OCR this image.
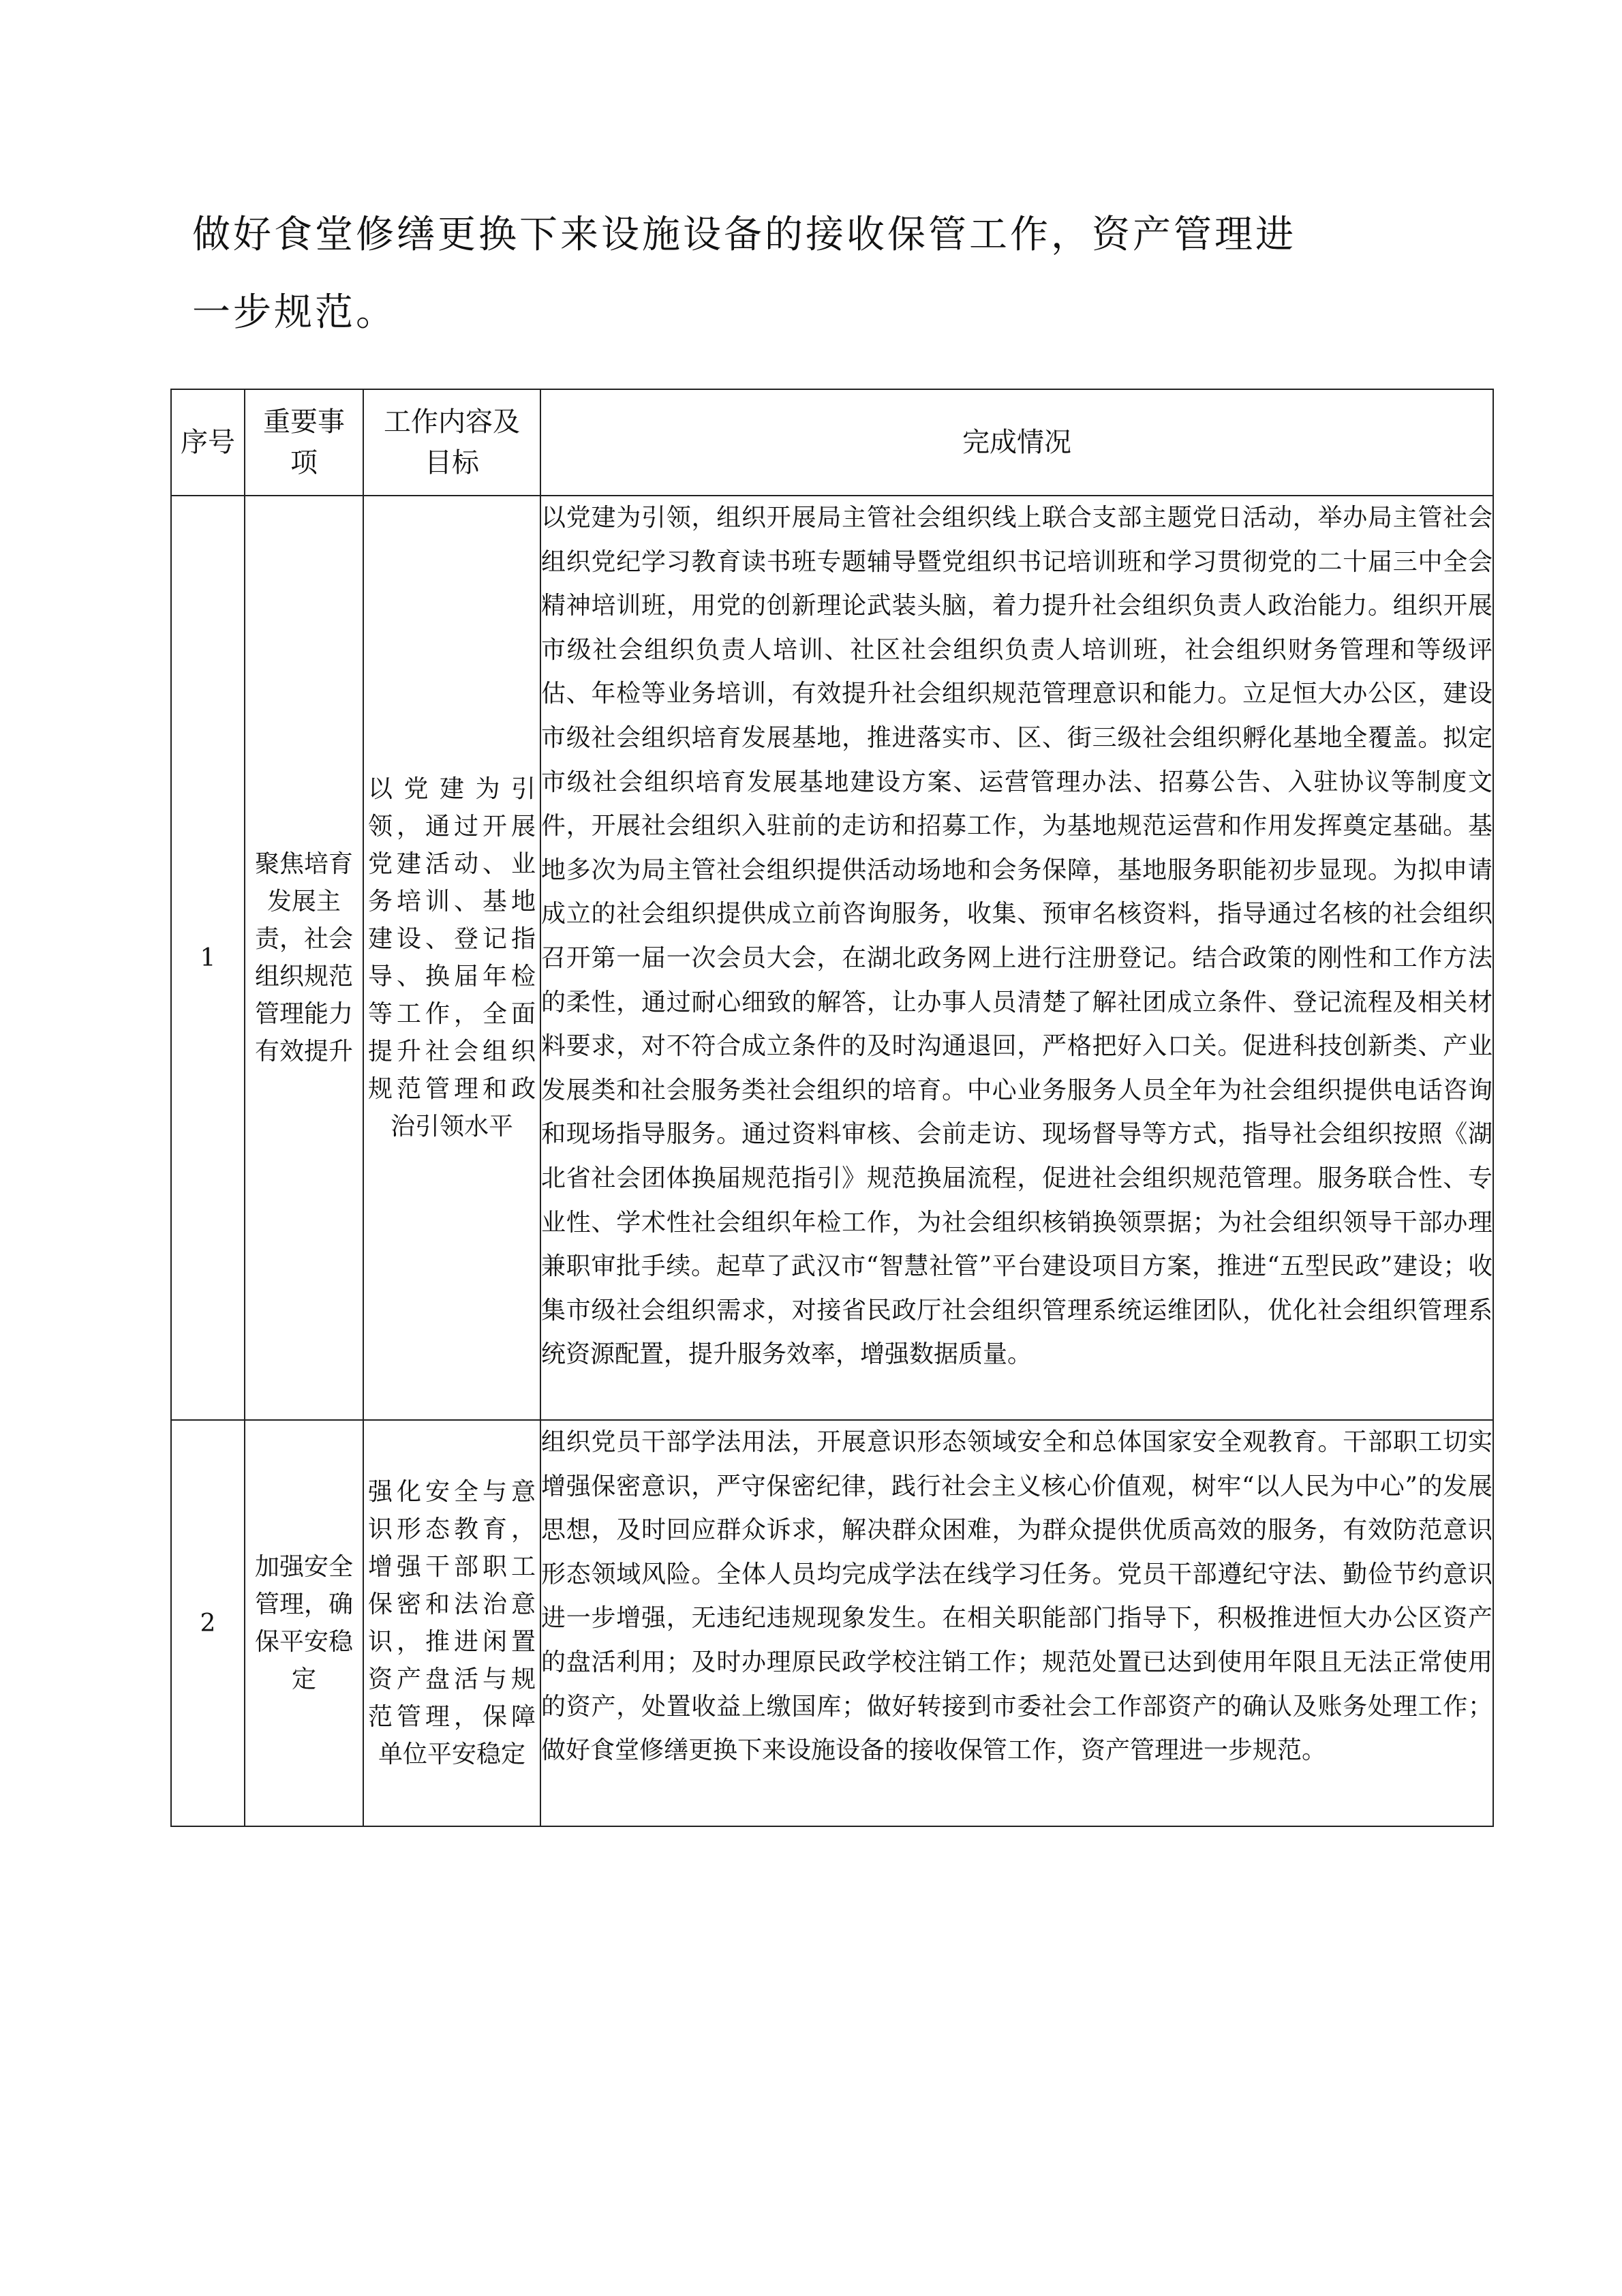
做好食堂修缮更换下来设施设备的接收保管工作，资产管理进

一步规范。

序号	重要事项	工作内容及目标	完成情况
1	聚焦培育发展主责，社会组织规范管理能力有效提升	以党建为引领，通过开展党建活动、业务培训、基地建设、登记指导、换届年检等工作，全面提升社会组织规范管理和政治引领水平	以党建为引领，组织开展局主管社会组织线上联合支部主题党日活动，举办局主管社会组织党纪学习教育读书班专题辅导暨党组织书记培训班和学习贯彻党的二十届三中全会精神培训班，用党的创新理论武装头脑，着力提升社会组织负责人政治能力。组织开展市级社会组织负责人培训、社区社会组织负责人培训班，社会组织财务管理和等级评估、年检等业务培训，有效提升社会组织规范管理意识和能力。立足恒大办公区，建设市级社会组织培育发展基地，推进落实市、区、街三级社会组织孵化基地全覆盖。拟定市级社会组织培育发展基地建设方案、运营管理办法、招募公告、入驻协议等制度文件，开展社会组织入驻前的走访和招募工作，为基地规范运营和作用发挥奠定基础。基地多次为局主管社会组织提供活动场地和会务保障，基地服务职能初步显现。为拟申请成立的社会组织提供成立前咨询服务，收集、预审名核资料，指导通过名核的社会组织召开第一届一次会员大会，在湖北政务网上进行注册登记。结合政策的刚性和工作方法的柔性，通过耐心细致的解答，让办事人员清楚了解社团成立条件、登记流程及相关材料要求，对不符合成立条件的及时沟通退回，严格把好入口关。促进科技创新类、产业发展类和社会服务类社会组织的培育。中心业务服务人员全年为社会组织提供电话咨询和现场指导服务。通过资料审核、会前走访、现场督导等方式，指导社会组织按照《湖北省社会团体换届规范指引》规范换届流程，促进社会组织规范管理。服务联合性、专业性、学术性社会组织年检工作，为社会组织核销换领票据；为社会组织领导干部办理兼职审批手续。起草了武汉市“智慧社管”平台建设项目方案，推进“五型民政”建设；收集市级社会组织需求，对接省民政厅社会组织管理系统运维团队，优化社会组织管理系统资源配置，提升服务效率，增强数据质量。
2	加强安全管理，确保平安稳定	强化安全与意识形态教育，增强干部职工保密和法治意识，推进闲置资产盘活与规范管理，保障单位平安稳定	组织党员干部学法用法，开展意识形态领域安全和总体国家安全观教育。干部职工切实增强保密意识，严守保密纪律，践行社会主义核心价值观，树牢“以人民为中心”的发展思想，及时回应群众诉求，解决群众困难，为群众提供优质高效的服务，有效防范意识形态领域风险。全体人员均完成学法在线学习任务。党员干部遵纪守法、勤俭节约意识进一步增强，无违纪违规现象发生。在相关职能部门指导下，积极推进恒大办公区资产的盘活利用；及时办理原民政学校注销工作；规范处置已达到使用年限且无法正常使用的资产，处置收益上缴国库；做好转接到市委社会工作部资产的确认及账务处理工作；做好食堂修缮更换下来设施设备的接收保管工作，资产管理进一步规范。
